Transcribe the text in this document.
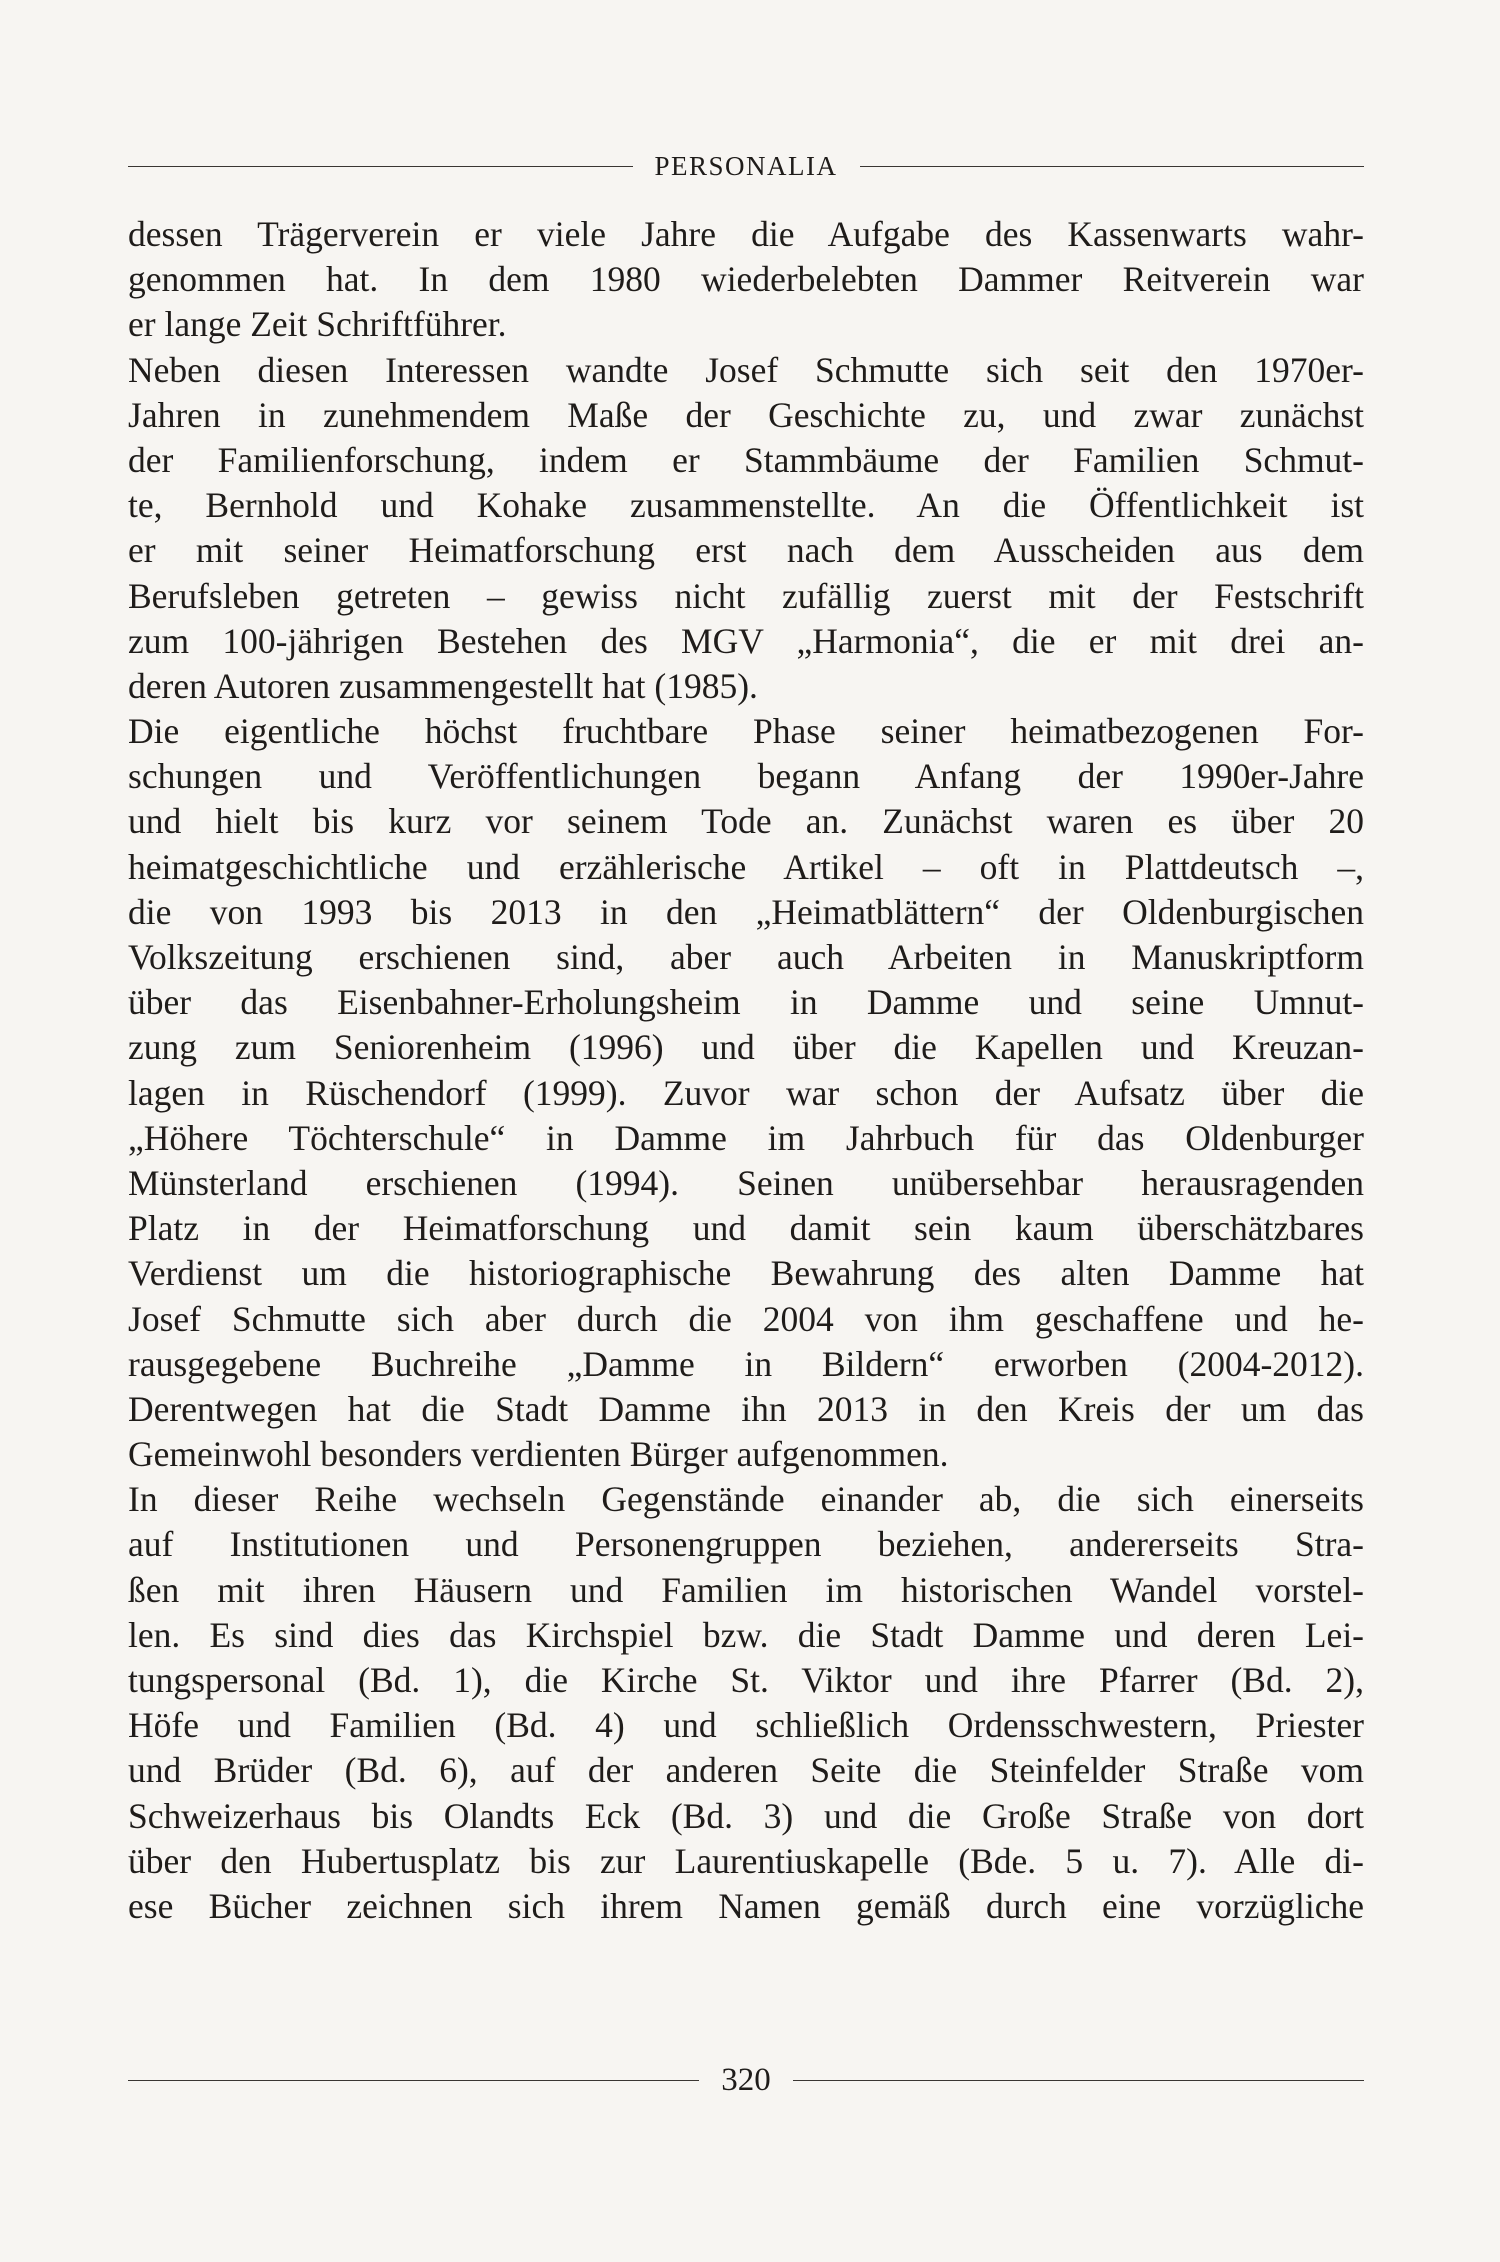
PERSONALIA
dessen Trägerverein er viele Jahre die Aufgabe des Kassenwarts wahr-
genommen hat. In dem 1980 wiederbelebten Dammer Reitverein war
er lange Zeit Schriftführer.
Neben diesen Interessen wandte Josef Schmutte sich seit den 1970er-
Jahren in zunehmendem Maße der Geschichte zu, und zwar zunächst
der Familienforschung, indem er Stammbäume der Familien Schmut-
te, Bernhold und Kohake zusammenstellte. An die Öffentlichkeit ist
er mit seiner Heimatforschung erst nach dem Ausscheiden aus dem
Berufsleben getreten – gewiss nicht zufällig zuerst mit der Festschrift
zum 100-jährigen Bestehen des MGV „Harmonia“, die er mit drei an-
deren Autoren zusammengestellt hat (1985).
Die eigentliche höchst fruchtbare Phase seiner heimatbezogenen For-
schungen und Veröffentlichungen begann Anfang der 1990er-Jahre
und hielt bis kurz vor seinem Tode an. Zunächst waren es über 20
heimatgeschichtliche und erzählerische Artikel – oft in Plattdeutsch –,
die von 1993 bis 2013 in den „Heimatblättern“ der Oldenburgischen
Volkszeitung erschienen sind, aber auch Arbeiten in Manuskriptform
über das Eisenbahner-Erholungsheim in Damme und seine Umnut-
zung zum Seniorenheim (1996) und über die Kapellen und Kreuzan-
lagen in Rüschendorf (1999). Zuvor war schon der Aufsatz über die
„Höhere Töchterschule“ in Damme im Jahrbuch für das Oldenburger
Münsterland erschienen (1994). Seinen unübersehbar herausragenden
Platz in der Heimatforschung und damit sein kaum überschätzbares
Verdienst um die historiographische Bewahrung des alten Damme hat
Josef Schmutte sich aber durch die 2004 von ihm geschaffene und he-
rausgegebene Buchreihe „Damme in Bildern“ erworben (2004-2012).
Derentwegen hat die Stadt Damme ihn 2013 in den Kreis der um das
Gemeinwohl besonders verdienten Bürger aufgenommen.
In dieser Reihe wechseln Gegenstände einander ab, die sich einerseits
auf Institutionen und Personengruppen beziehen, andererseits Stra-
ßen mit ihren Häusern und Familien im historischen Wandel vorstel-
len. Es sind dies das Kirchspiel bzw. die Stadt Damme und deren Lei-
tungspersonal (Bd. 1), die Kirche St. Viktor und ihre Pfarrer (Bd. 2),
Höfe und Familien (Bd. 4) und schließlich Ordensschwestern, Priester
und Brüder (Bd. 6), auf der anderen Seite die Steinfelder Straße vom
Schweizerhaus bis Olandts Eck (Bd. 3) und die Große Straße von dort
über den Hubertusplatz bis zur Laurentiuskapelle (Bde. 5 u. 7). Alle di-
ese Bücher zeichnen sich ihrem Namen gemäß durch eine vorzügliche
320
